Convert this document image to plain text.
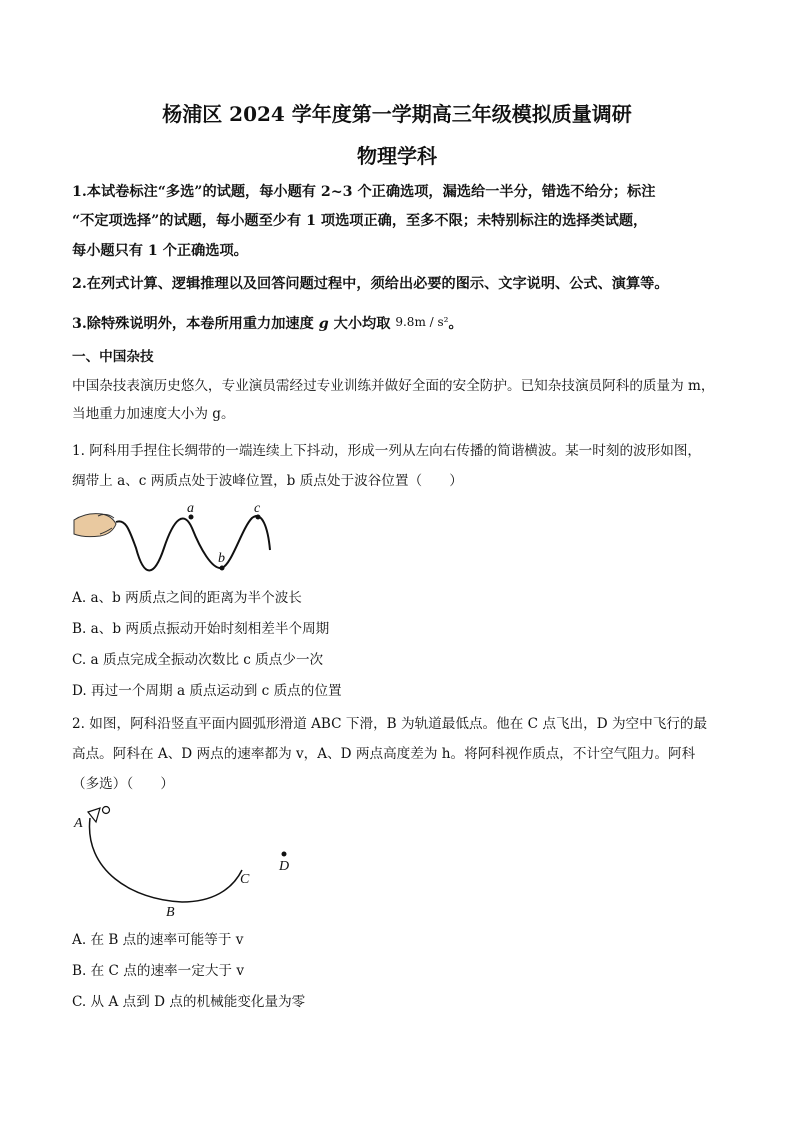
杨浦区 2024 学年度第一学期高三年级模拟质量调研
物理学科
1.本试卷标注“多选”的试题，每小题有 2~3 个正确选项，漏选给一半分，错选不给分；标注
“不定项选择”的试题，每小题至少有 1 项选项正确，至多不限；未特别标注的选择类试题，
每小题只有 1 个正确选项。
2.在列式计算、逻辑推理以及回答问题过程中，须给出必要的图示、文字说明、公式、演算等。
3.除特殊说明外，本卷所用重力加速度 g 大小均取 9.8m / s²。
一、中国杂技
中国杂技表演历史悠久，专业演员需经过专业训练并做好全面的安全防护。已知杂技演员阿科的质量为 m，
当地重力加速度大小为 g。
1. 阿科用手捏住长绸带的一端连续上下抖动，形成一列从左向右传播的简谐横波。某一时刻的波形如图，
绸带上 a、c 两质点处于波峰位置，b 质点处于波谷位置（　　）
a
b
c
A. a、b 两质点之间的距离为半个波长
B. a、b 两质点振动开始时刻相差半个周期
C. a 质点完成全振动次数比 c 质点少一次
D. 再过一个周期 a 质点运动到 c 质点的位置
2. 如图，阿科沿竖直平面内圆弧形滑道 ABC 下滑，B 为轨道最低点。他在 C 点飞出，D 为空中飞行的最
高点。阿科在 A、D 两点的速率都为 v，A、D 两点高度差为 h。将阿科视作质点，不计空气阻力。阿科
（多选）（　　）
A
B
C
D
A. 在 B 点的速率可能等于 v
B. 在 C 点的速率一定大于 v
C. 从 A 点到 D 点的机械能变化量为零
